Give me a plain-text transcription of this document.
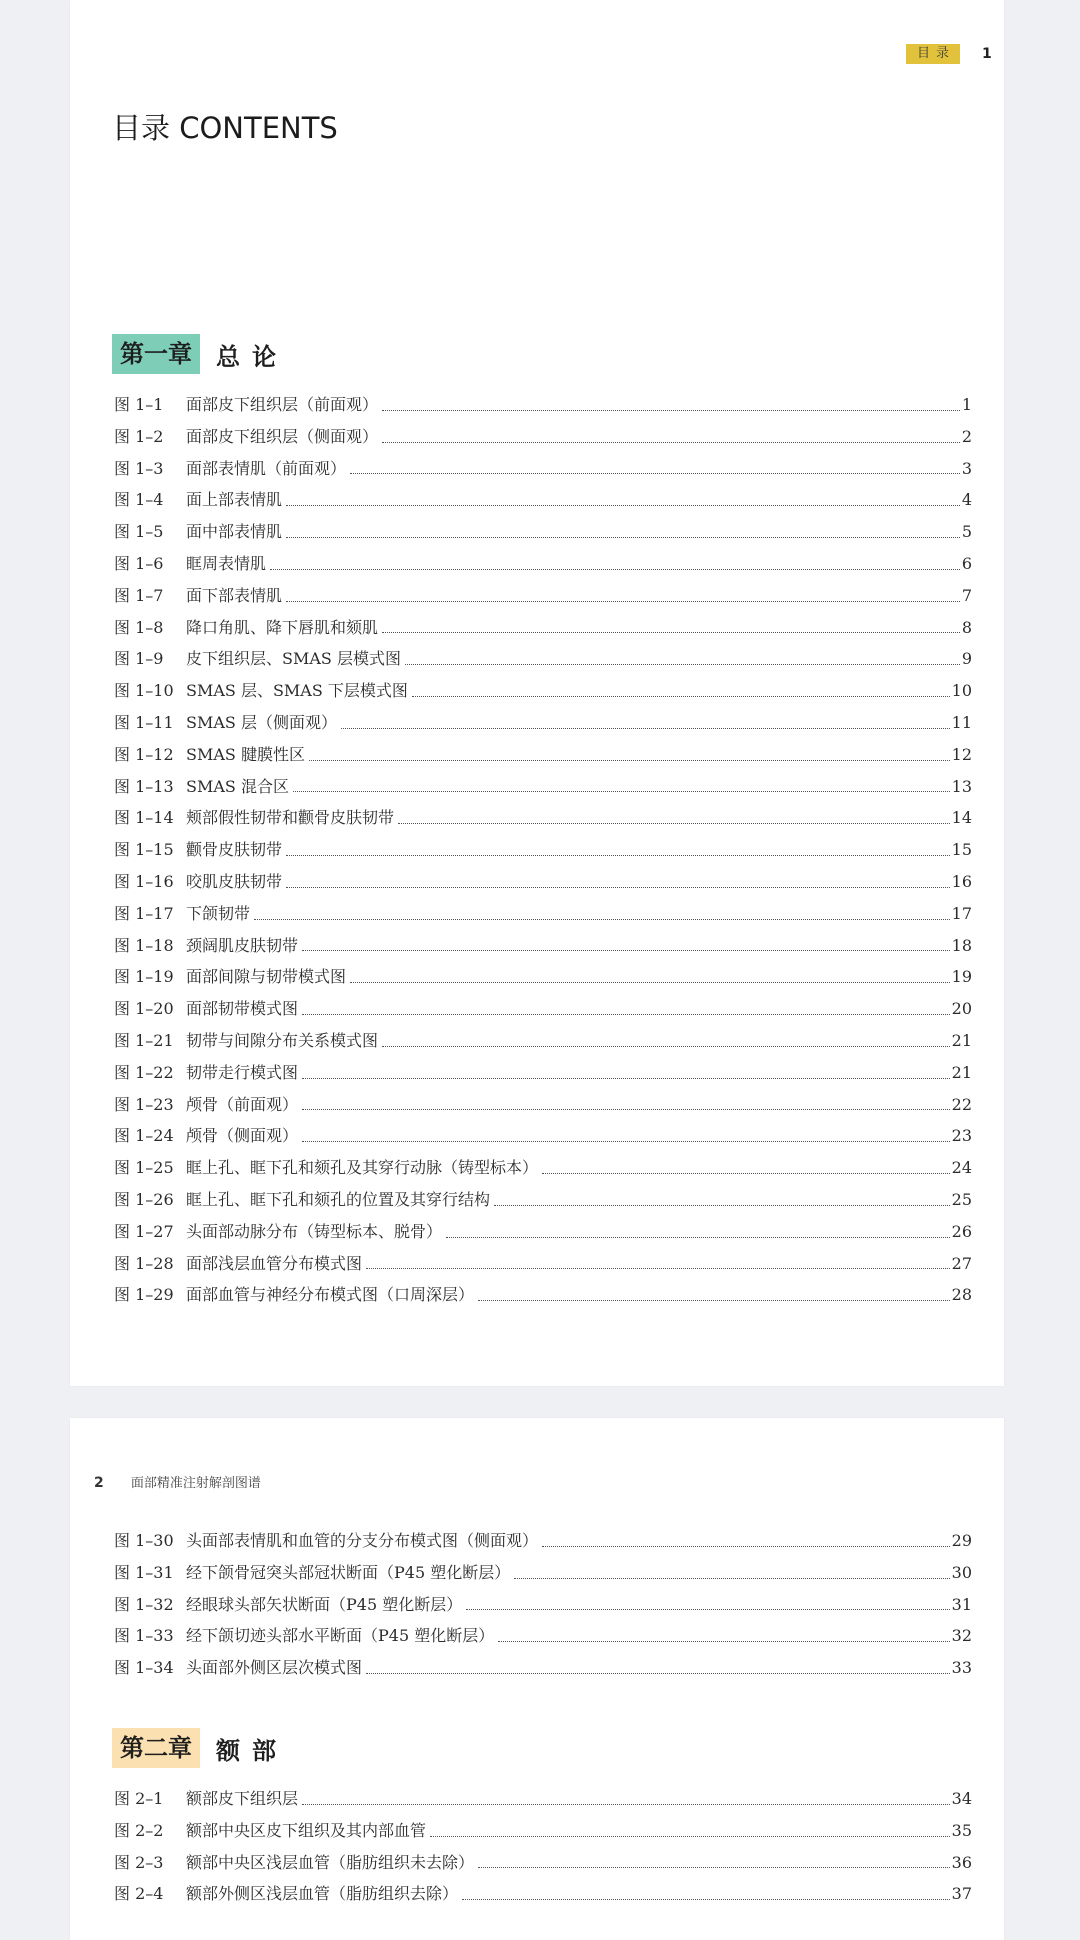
目录	1
目录 CONTENTS
第一章	总论
图 1–1	面部皮下组织层（前面观）	1
图 1–2	面部皮下组织层（侧面观）	2
图 1–3	面部表情肌（前面观）	3
图 1–4	面上部表情肌	4
图 1–5	面中部表情肌	5
图 1–6	眶周表情肌	6
图 1–7	面下部表情肌	7
图 1–8	降口角肌、降下唇肌和颏肌	8
图 1–9	皮下组织层、SMAS 层模式图	9
图 1–10 SMAS 层、SMAS 下层模式图	10
图 1–11 SMAS 层（侧面观）	11
图 1–12 SMAS 腱膜性区	12
图 1–13 SMAS 混合区	13
图 1–14 颊部假性韧带和颧骨皮肤韧带	14
图 1–15 颧骨皮肤韧带	15
图 1–16 咬肌皮肤韧带	16
图 1–17 下颌韧带	17
图 1–18 颈阔肌皮肤韧带	18
图 1–19 面部间隙与韧带模式图	19
图 1–20 面部韧带模式图	20
图 1–21 韧带与间隙分布关系模式图	21
图 1–22 韧带走行模式图	21
图 1–23 颅骨（前面观）	22
图 1–24 颅骨（侧面观）	23
图 1–25 眶上孔、眶下孔和颏孔及其穿行动脉（铸型标本）	24
图 1–26 眶上孔、眶下孔和颏孔的位置及其穿行结构	25
图 1–27 头面部动脉分布（铸型标本、脱骨）	26
图 1–28 面部浅层血管分布模式图	27
图 1–29 面部血管与神经分布模式图（口周深层）	28
2 面部精准注射解剖图谱
图 1–30 头面部表情肌和血管的分支分布模式图（侧面观）	29
图 1–31 经下颌骨冠突头部冠状断面（P45 塑化断层）	30
图 1–32 经眼球头部矢状断面（P45 塑化断层）	31
图 1–33 经下颌切迹头部水平断面（P45 塑化断层）	32
图 1–34 头面部外侧区层次模式图	33
第二章	额部
图 2–1	额部皮下组织层	34
图 2–2	额部中央区皮下组织及其内部血管	35
图 2–3	额部中央区浅层血管（脂肪组织未去除）	36
图 2–4	额部外侧区浅层血管（脂肪组织去除）	37
